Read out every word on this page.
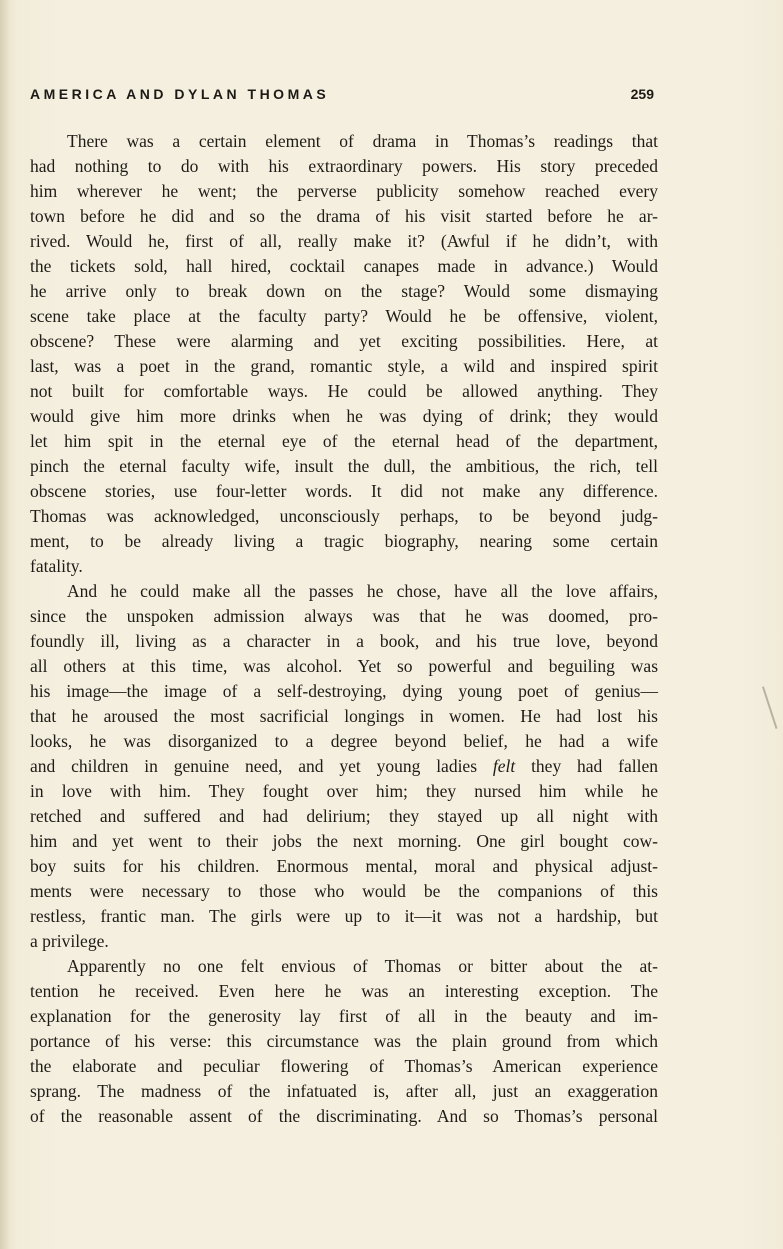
AMERICA AND DYLAN THOMAS	259
There was a certain element of drama in Thomas’s readings that
had nothing to do with his extraordinary powers. His story preceded
him wherever he went; the perverse publicity somehow reached every
town before he did and so the drama of his visit started before he ar-
rived. Would he, first of all, really make it? (Awful if he didn’t, with
the tickets sold, hall hired, cocktail canapes made in advance.) Would
he arrive only to break down on the stage? Would some dismaying
scene take place at the faculty party? Would he be offensive, violent,
obscene? These were alarming and yet exciting possibilities. Here, at
last, was a poet in the grand, romantic style, a wild and inspired spirit
not built for comfortable ways. He could be allowed anything. They
would give him more drinks when he was dying of drink; they would
let him spit in the eternal eye of the eternal head of the department,
pinch the eternal faculty wife, insult the dull, the ambitious, the rich, tell
obscene stories, use four-letter words. It did not make any difference.
Thomas was acknowledged, unconsciously perhaps, to be beyond judg-
ment, to be already living a tragic biography, nearing some certain
fatality.
And he could make all the passes he chose, have all the love affairs,
since the unspoken admission always was that he was doomed, pro-
foundly ill, living as a character in a book, and his true love, beyond
all others at this time, was alcohol. Yet so powerful and beguiling was
his image—the image of a self-destroying, dying young poet of genius—
that he aroused the most sacrificial longings in women. He had lost his
looks, he was disorganized to a degree beyond belief, he had a wife
and children in genuine need, and yet young ladies felt they had fallen
in love with him. They fought over him; they nursed him while he
retched and suffered and had delirium; they stayed up all night with
him and yet went to their jobs the next morning. One girl bought cow-
boy suits for his children. Enormous mental, moral and physical adjust-
ments were necessary to those who would be the companions of this
restless, frantic man. The girls were up to it—it was not a hardship, but
a privilege.
Apparently no one felt envious of Thomas or bitter about the at-
tention he received. Even here he was an interesting exception. The
explanation for the generosity lay first of all in the beauty and im-
portance of his verse: this circumstance was the plain ground from which
the elaborate and peculiar flowering of Thomas’s American experience
sprang. The madness of the infatuated is, after all, just an exaggeration
of the reasonable assent of the discriminating. And so Thomas’s personal
